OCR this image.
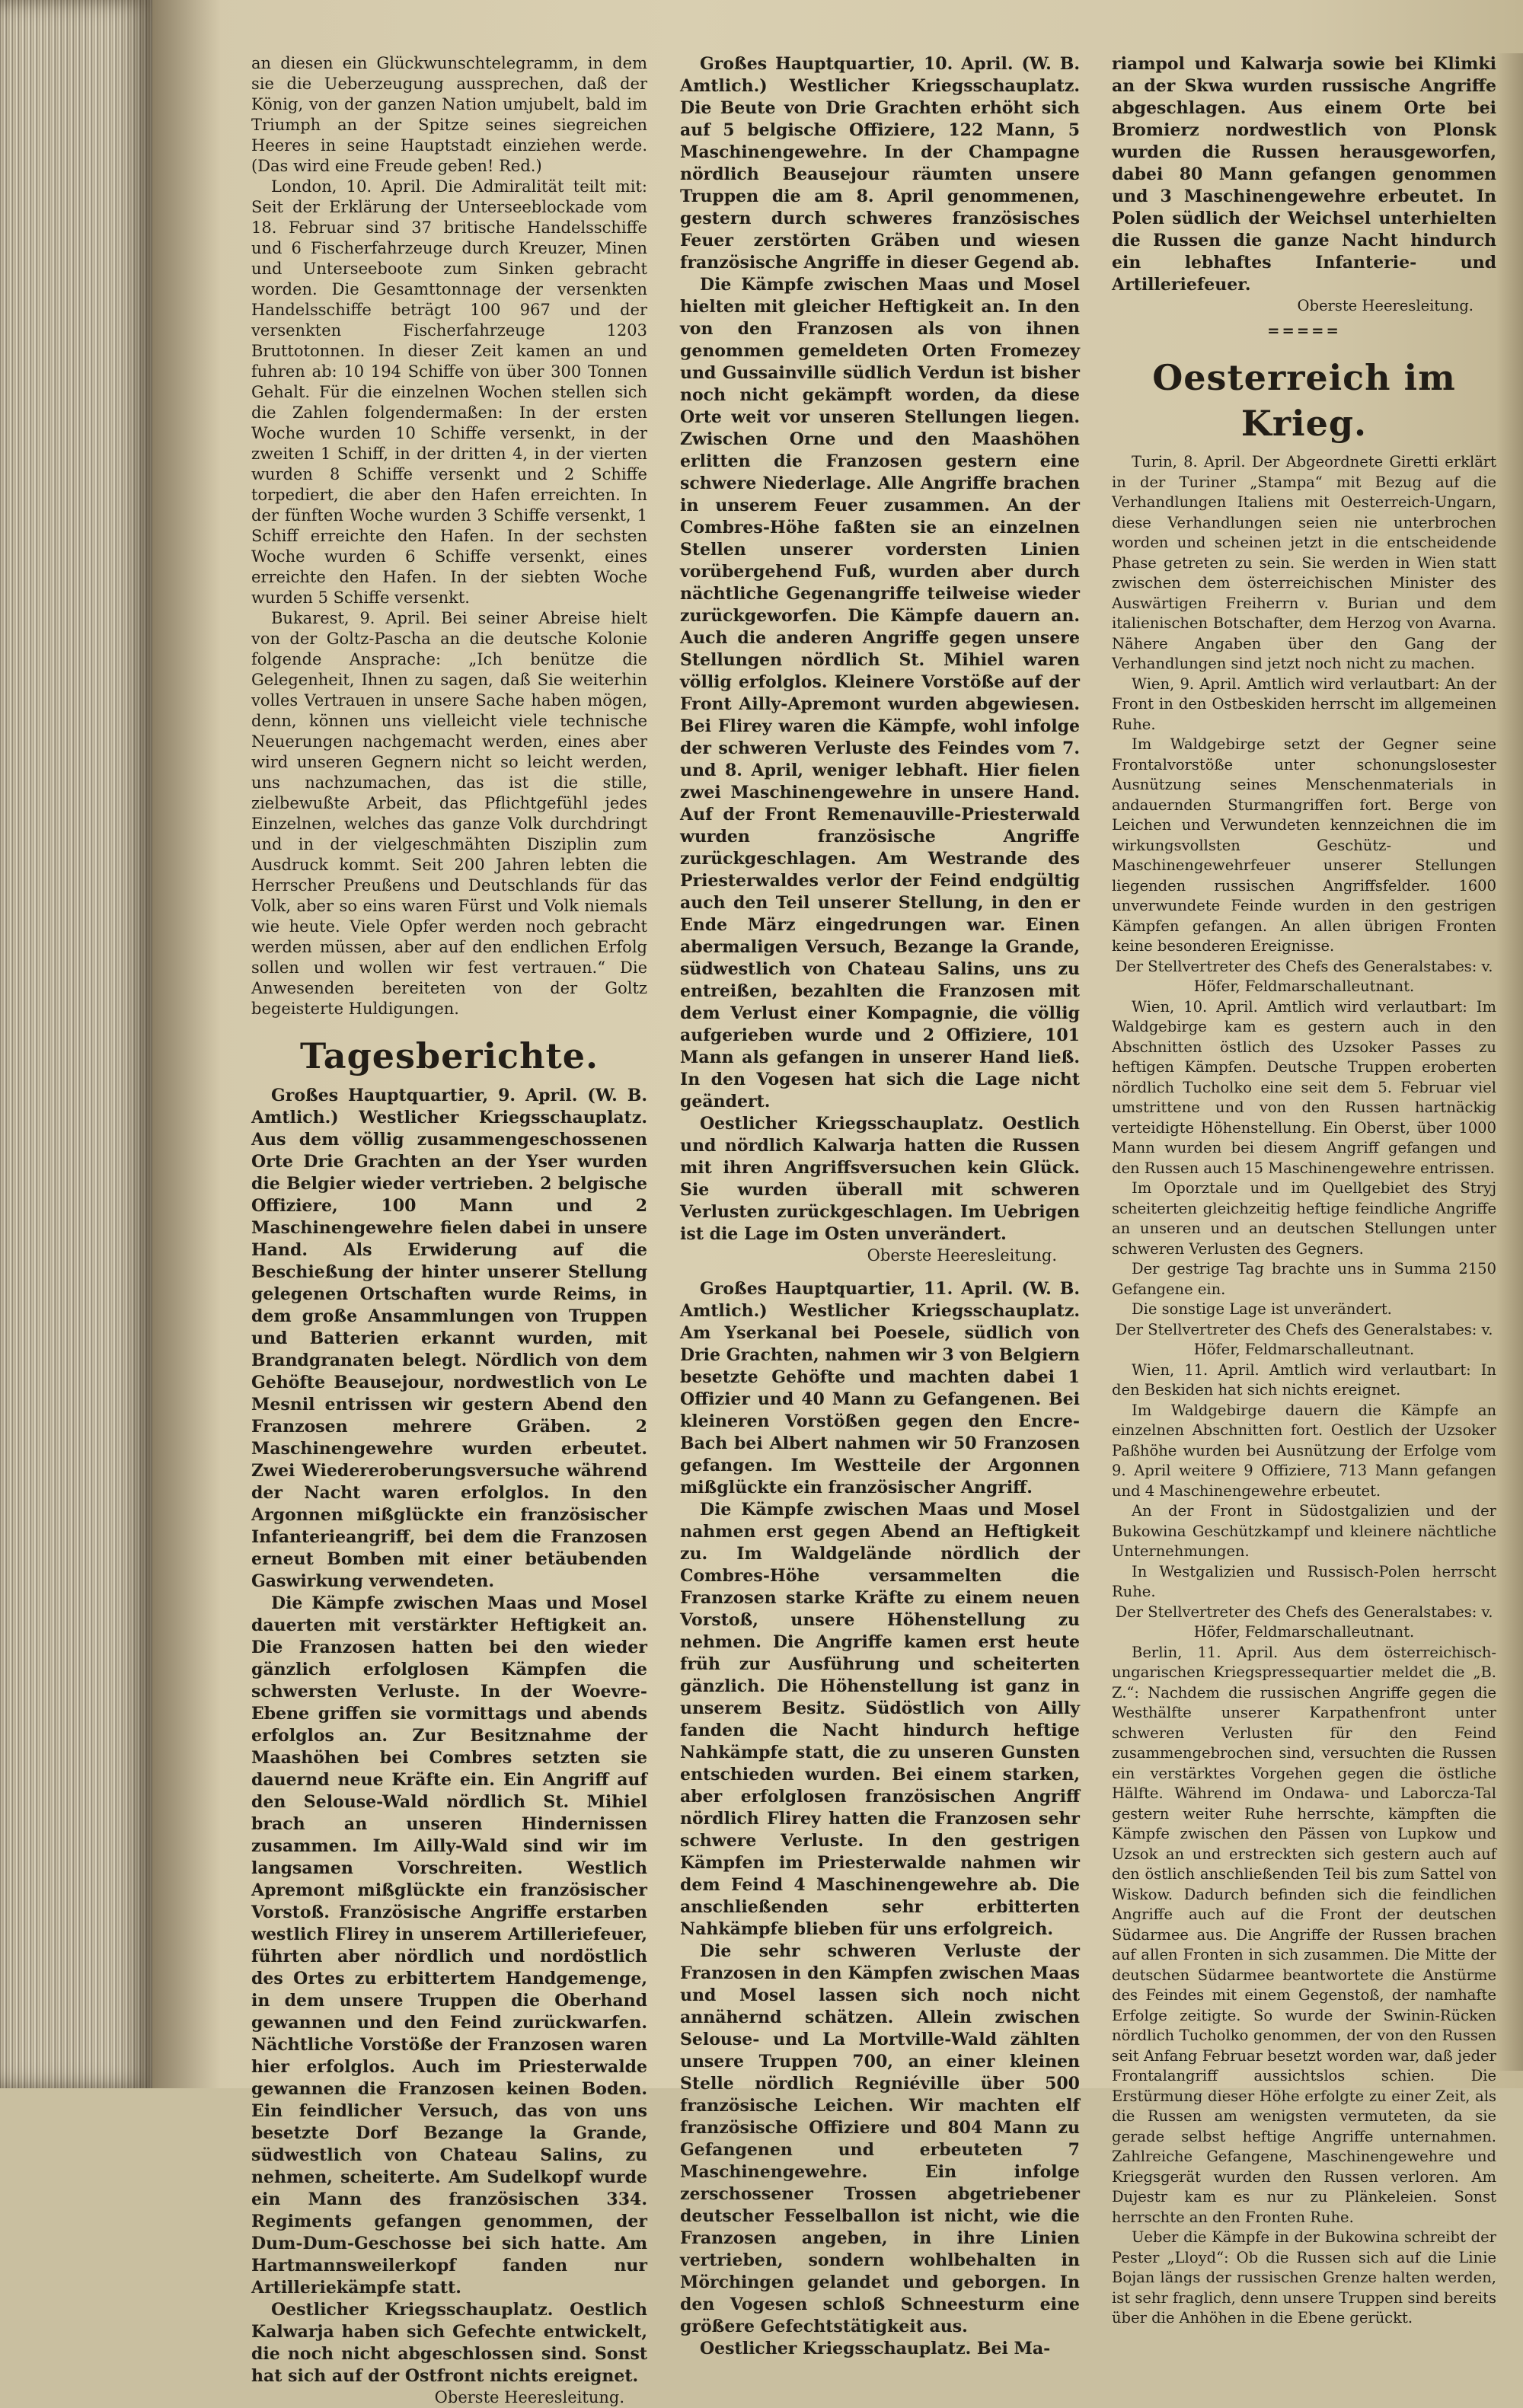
an diesen ein Glückwunschtelegramm, in dem sie die Ueberzeugung aussprechen, daß der König, von der ganzen Nation umjubelt, bald im Triumph an der Spitze seines siegreichen Heeres in seine Hauptstadt einziehen werde. (Das wird eine Freude geben! Red.)

London, 10. April. Die Admiralität teilt mit: Seit der Erklärung der Unterseeblockade vom 18. Februar sind 37 britische Handelsschiffe und 6 Fischerfahrzeuge durch Kreuzer, Minen und Unterseeboote zum Sinken gebracht worden. Die Gesamttonnage der versenkten Handelsschiffe beträgt 100 967 und der versenkten Fischerfahrzeuge 1203 Bruttotonnen. In dieser Zeit kamen an und fuhren ab: 10 194 Schiffe von über 300 Tonnen Gehalt. Für die einzelnen Wochen stellen sich die Zahlen folgendermaßen: In der ersten Woche wurden 10 Schiffe versenkt, in der zweiten 1 Schiff, in der dritten 4, in der vierten wurden 8 Schiffe versenkt und 2 Schiffe torpediert, die aber den Hafen erreichten. In der fünften Woche wurden 3 Schiffe versenkt, 1 Schiff erreichte den Hafen. In der sechsten Woche wurden 6 Schiffe versenkt, eines erreichte den Hafen. In der siebten Woche wurden 5 Schiffe versenkt.

Bukarest, 9. April. Bei seiner Abreise hielt von der Goltz-Pascha an die deutsche Kolonie folgende Ansprache: „Ich benütze die Gelegenheit, Ihnen zu sagen, daß Sie weiterhin volles Vertrauen in unsere Sache haben mögen, denn, können uns vielleicht viele technische Neuerungen nachgemacht werden, eines aber wird unseren Gegnern nicht so leicht werden, uns nachzumachen, das ist die stille, zielbewußte Arbeit, das Pflichtgefühl jedes Einzelnen, welches das ganze Volk durchdringt und in der vielgeschmähten Disziplin zum Ausdruck kommt. Seit 200 Jahren lebten die Herrscher Preußens und Deutschlands für das Volk, aber so eins waren Fürst und Volk niemals wie heute. Viele Opfer werden noch gebracht werden müssen, aber auf den endlichen Erfolg sollen und wollen wir fest vertrauen.“ Die Anwesenden bereiteten von der Goltz begeisterte Huldigungen.

Tagesberichte.

Großes Hauptquartier, 9. April. (W. B. Amtlich.) Westlicher Kriegsschauplatz. Aus dem völlig zusammengeschossenen Orte Drie Grachten an der Yser wurden die Belgier wieder vertrieben. 2 belgische Offiziere, 100 Mann und 2 Maschinengewehre fielen dabei in unsere Hand. Als Erwiderung auf die Beschießung der hinter unserer Stellung gelegenen Ortschaften wurde Reims, in dem große Ansammlungen von Truppen und Batterien erkannt wurden, mit Brandgranaten belegt. Nördlich von dem Gehöfte Beausejour, nordwestlich von Le Mesnil entrissen wir gestern Abend den Franzosen mehrere Gräben. 2 Maschinengewehre wurden erbeutet. Zwei Wiedereroberungsversuche während der Nacht waren erfolglos. In den Argonnen mißglückte ein französischer Infanterieangriff, bei dem die Franzosen erneut Bomben mit einer betäubenden Gaswirkung verwendeten.

Die Kämpfe zwischen Maas und Mosel dauerten mit verstärkter Heftigkeit an. Die Franzosen hatten bei den wieder gänzlich erfolglosen Kämpfen die schwersten Verluste. In der Woevre-Ebene griffen sie vormittags und abends erfolglos an. Zur Besitznahme der Maashöhen bei Combres setzten sie dauernd neue Kräfte ein. Ein Angriff auf den Selouse-Wald nördlich St. Mihiel brach an unseren Hindernissen zusammen. Im Ailly-Wald sind wir im langsamen Vorschreiten. Westlich Apremont mißglückte ein französischer Vorstoß. Französische Angriffe erstarben westlich Flirey in unserem Artilleriefeuer, führten aber nördlich und nordöstlich des Ortes zu erbittertem Handgemenge, in dem unsere Truppen die Oberhand gewannen und den Feind zurückwarfen. Nächtliche Vorstöße der Franzosen waren hier erfolglos. Auch im Priesterwalde gewannen die Franzosen keinen Boden. Ein feindlicher Versuch, das von uns besetzte Dorf Bezange la Grande, südwestlich von Chateau Salins, zu nehmen, scheiterte. Am Sudelkopf wurde ein Mann des französischen 334. Regiments gefangen genommen, der Dum-Dum-Geschosse bei sich hatte. Am Hartmannsweilerkopf fanden nur Artilleriekämpfe statt.

Oestlicher Kriegsschauplatz. Oestlich Kalwarja haben sich Gefechte entwickelt, die noch nicht abgeschlossen sind. Sonst hat sich auf der Ostfront nichts ereignet.

Oberste Heeresleitung.

Großes Hauptquartier, 10. April. (W. B. Amtlich.) Westlicher Kriegsschauplatz. Die Beute von Drie Grachten erhöht sich auf 5 belgische Offiziere, 122 Mann, 5 Maschinengewehre. In der Champagne nördlich Beausejour räumten unsere Truppen die am 8. April genommenen, gestern durch schweres französisches Feuer zerstörten Gräben und wiesen französische Angriffe in dieser Gegend ab.

Die Kämpfe zwischen Maas und Mosel hielten mit gleicher Heftigkeit an. In den von den Franzosen als von ihnen genommen gemeldeten Orten Fromezey und Gussainville südlich Verdun ist bisher noch nicht gekämpft worden, da diese Orte weit vor unseren Stellungen liegen. Zwischen Orne und den Maashöhen erlitten die Franzosen gestern eine schwere Niederlage. Alle Angriffe brachen in unserem Feuer zusammen. An der Combres-Höhe faßten sie an einzelnen Stellen unserer vordersten Linien vorübergehend Fuß, wurden aber durch nächtliche Gegenangriffe teilweise wieder zurückgeworfen. Die Kämpfe dauern an. Auch die anderen Angriffe gegen unsere Stellungen nördlich St. Mihiel waren völlig erfolglos. Kleinere Vorstöße auf der Front Ailly-Apremont wurden abgewiesen. Bei Flirey waren die Kämpfe, wohl infolge der schweren Verluste des Feindes vom 7. und 8. April, weniger lebhaft. Hier fielen zwei Maschinengewehre in unsere Hand. Auf der Front Remenauville-Priesterwald wurden französische Angriffe zurückgeschlagen. Am Westrande des Priesterwaldes verlor der Feind endgültig auch den Teil unserer Stellung, in den er Ende März eingedrungen war. Einen abermaligen Versuch, Bezange la Grande, südwestlich von Chateau Salins, uns zu entreißen, bezahlten die Franzosen mit dem Verlust einer Kompagnie, die völlig aufgerieben wurde und 2 Offiziere, 101 Mann als gefangen in unserer Hand ließ. In den Vogesen hat sich die Lage nicht geändert.

Oestlicher Kriegsschauplatz. Oestlich und nördlich Kalwarja hatten die Russen mit ihren Angriffsversuchen kein Glück. Sie wurden überall mit schweren Verlusten zurückgeschlagen. Im Uebrigen ist die Lage im Osten unverändert.

Oberste Heeresleitung.

Großes Hauptquartier, 11. April. (W. B. Amtlich.) Westlicher Kriegsschauplatz. Am Yserkanal bei Poesele, südlich von Drie Grachten, nahmen wir 3 von Belgiern besetzte Gehöfte und machten dabei 1 Offizier und 40 Mann zu Gefangenen. Bei kleineren Vorstößen gegen den Encre-Bach bei Albert nahmen wir 50 Franzosen gefangen. Im Westteile der Argonnen mißglückte ein französischer Angriff.

Die Kämpfe zwischen Maas und Mosel nahmen erst gegen Abend an Heftigkeit zu. Im Waldgelände nördlich der Combres-Höhe versammelten die Franzosen starke Kräfte zu einem neuen Vorstoß, unsere Höhenstellung zu nehmen. Die Angriffe kamen erst heute früh zur Ausführung und scheiterten gänzlich. Die Höhenstellung ist ganz in unserem Besitz. Südöstlich von Ailly fanden die Nacht hindurch heftige Nahkämpfe statt, die zu unseren Gunsten entschieden wurden. Bei einem starken, aber erfolglosen französischen Angriff nördlich Flirey hatten die Franzosen sehr schwere Verluste. In den gestrigen Kämpfen im Priesterwalde nahmen wir dem Feind 4 Maschinengewehre ab. Die anschließenden sehr erbitterten Nahkämpfe blieben für uns erfolgreich.

Die sehr schweren Verluste der Franzosen in den Kämpfen zwischen Maas und Mosel lassen sich noch nicht annähernd schätzen. Allein zwischen Selouse- und La Mortville-Wald zählten unsere Truppen 700, an einer kleinen Stelle nördlich Regniéville über 500 französische Leichen. Wir machten elf französische Offiziere und 804 Mann zu Gefangenen und erbeuteten 7 Maschinengewehre. Ein infolge zerschossener Trossen abgetriebener deutscher Fesselballon ist nicht, wie die Franzosen angeben, in ihre Linien vertrieben, sondern wohlbehalten in Mörchingen gelandet und geborgen. In den Vogesen schloß Schneesturm eine größere Gefechtstätigkeit aus.

Oestlicher Kriegsschauplatz. Bei Ma-

riampol und Kalwarja sowie bei Klimki an der Skwa wurden russische Angriffe abgeschlagen. Aus einem Orte bei Bromierz nordwestlich von Plonsk wurden die Russen herausgeworfen, dabei 80 Mann gefangen genommen und 3 Maschinengewehre erbeutet. In Polen südlich der Weichsel unterhielten die Russen die ganze Nacht hindurch ein lebhaftes Infanterie- und Artilleriefeuer.

Oberste Heeresleitung.

=====
Oesterreich im Krieg.

Turin, 8. April. Der Abgeordnete Giretti erklärt in der Turiner „Stampa“ mit Bezug auf die Verhandlungen Italiens mit Oesterreich-Ungarn, diese Verhandlungen seien nie unterbrochen worden und scheinen jetzt in die entscheidende Phase getreten zu sein. Sie werden in Wien statt zwischen dem österreichischen Minister des Auswärtigen Freiherrn v. Burian und dem italienischen Botschafter, dem Herzog von Avarna. Nähere Angaben über den Gang der Verhandlungen sind jetzt noch nicht zu machen.

Wien, 9. April. Amtlich wird verlautbart: An der Front in den Ostbeskiden herrscht im allgemeinen Ruhe.

Im Waldgebirge setzt der Gegner seine Frontalvorstöße unter schonungslosester Ausnützung seines Menschenmaterials in andauernden Sturmangriffen fort. Berge von Leichen und Verwundeten kennzeichnen die im wirkungsvollsten Geschütz- und Maschinengewehrfeuer unserer Stellungen liegenden russischen Angriffsfelder. 1600 unverwundete Feinde wurden in den gestrigen Kämpfen gefangen. An allen übrigen Fronten keine besonderen Ereignisse.

Der Stellvertreter des Chefs des Generalstabes: v. Höfer, Feldmarschalleutnant.

Wien, 10. April. Amtlich wird verlautbart: Im Waldgebirge kam es gestern auch in den Abschnitten östlich des Uzsoker Passes zu heftigen Kämpfen. Deutsche Truppen eroberten nördlich Tucholko eine seit dem 5. Februar viel umstrittene und von den Russen hartnäckig verteidigte Höhenstellung. Ein Oberst, über 1000 Mann wurden bei diesem Angriff gefangen und den Russen auch 15 Maschinengewehre entrissen.

Im Oporztale und im Quellgebiet des Stryj scheiterten gleichzeitig heftige feindliche Angriffe an unseren und an deutschen Stellungen unter schweren Verlusten des Gegners.

Der gestrige Tag brachte uns in Summa 2150 Gefangene ein.

Die sonstige Lage ist unverändert.

Der Stellvertreter des Chefs des Generalstabes: v. Höfer, Feldmarschalleutnant.

Wien, 11. April. Amtlich wird verlautbart: In den Beskiden hat sich nichts ereignet.

Im Waldgebirge dauern die Kämpfe an einzelnen Abschnitten fort. Oestlich der Uzsoker Paßhöhe wurden bei Ausnützung der Erfolge vom 9. April weitere 9 Offiziere, 713 Mann gefangen und 4 Maschinengewehre erbeutet.

An der Front in Südostgalizien und der Bukowina Geschützkampf und kleinere nächtliche Unternehmungen.

In Westgalizien und Russisch-Polen herrscht Ruhe.

Der Stellvertreter des Chefs des Generalstabes: v. Höfer, Feldmarschalleutnant.

Berlin, 11. April. Aus dem österreichisch-ungarischen Kriegspressequartier meldet die „B. Z.“: Nachdem die russischen Angriffe gegen die Westhälfte unserer Karpathenfront unter schweren Verlusten für den Feind zusammengebrochen sind, versuchten die Russen ein verstärktes Vorgehen gegen die östliche Hälfte. Während im Ondawa- und Laborcza-Tal gestern weiter Ruhe herrschte, kämpften die Kämpfe zwischen den Pässen von Lupkow und Uzsok an und erstreckten sich gestern auch auf den östlich anschließenden Teil bis zum Sattel von Wiskow. Dadurch befinden sich die feindlichen Angriffe auch auf die Front der deutschen Südarmee aus. Die Angriffe der Russen brachen auf allen Fronten in sich zusammen. Die Mitte der deutschen Südarmee beantwortete die Anstürme des Feindes mit einem Gegenstoß, der namhafte Erfolge zeitigte. So wurde der Swinin-Rücken nördlich Tucholko genommen, der von den Russen seit Anfang Februar besetzt worden war, daß jeder Frontalangriff aussichtslos schien. Die Erstürmung dieser Höhe erfolgte zu einer Zeit, als die Russen am wenigsten vermuteten, da sie gerade selbst heftige Angriffe unternahmen. Zahlreiche Gefangene, Maschinengewehre und Kriegsgerät wurden den Russen verloren. Am Dujestr kam es nur zu Plänkeleien. Sonst herrschte an den Fronten Ruhe.

Ueber die Kämpfe in der Bukowina schreibt der Pester „Lloyd“: Ob die Russen sich auf die Linie Bojan längs der russischen Grenze halten werden, ist sehr fraglich, denn unsere Truppen sind bereits über die Anhöhen in die Ebene gerückt.
